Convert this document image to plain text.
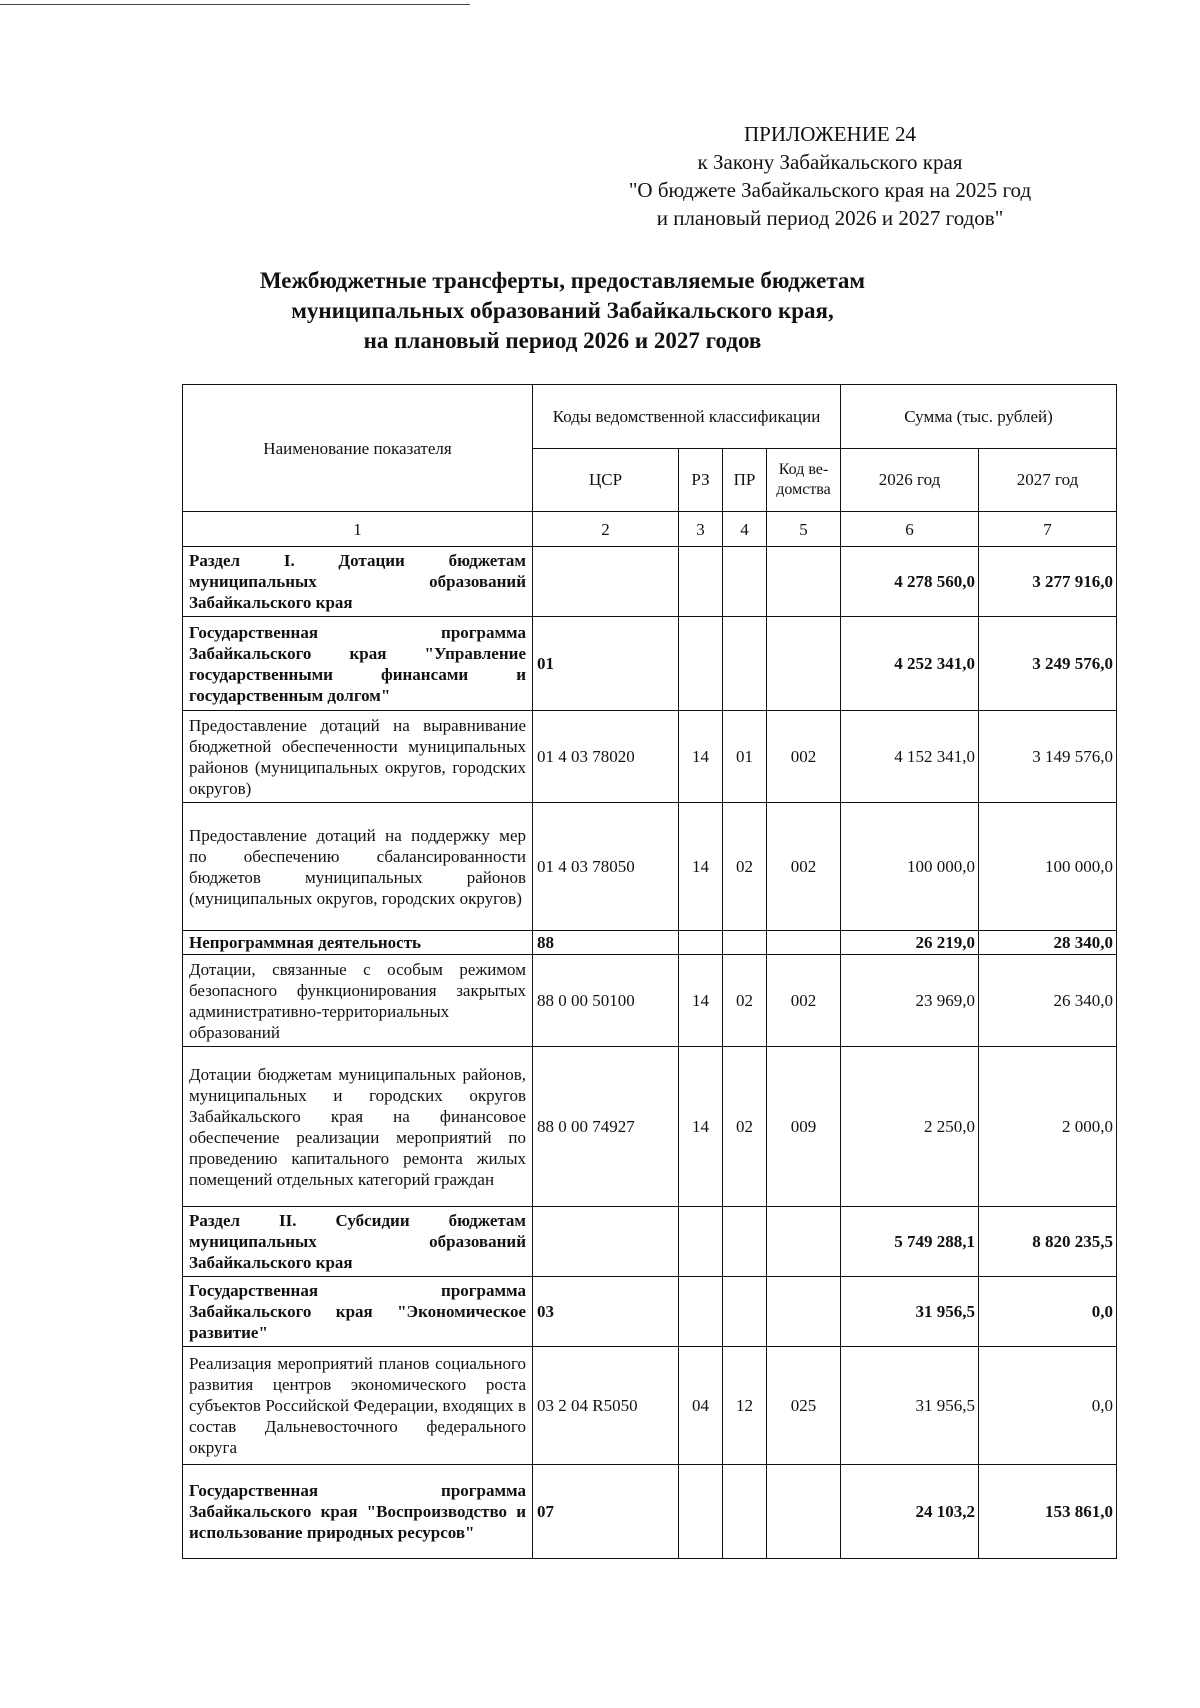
ПРИЛОЖЕНИЕ 24
к Закону Забайкальского края
"О бюджете Забайкальского края на 2025 год
и плановый период 2026 и 2027 годов"
Межбюджетные трансферты, предоставляемые бюджетам
муниципальных образований Забайкальского края,
на плановый период 2026 и 2027 годов
Наименование показателя	Коды ведомственной классификации				Сумма (тыс. рублей)	
	ЦСР	РЗ	ПР	Код ве-домства	2026 год	2027 год
1	2	3	4	5	6	7
Раздел I. Дотации бюджетам муниципальных образований Забайкальского края					4 278 560,0	3 277 916,0
Государственная программа Забайкальского края "Управление государственными финансами и государственным долгом"	01				4 252 341,0	3 249 576,0
Предоставление дотаций на выравнивание бюджетной обеспеченности муниципальных районов (муниципальных округов, городских округов)	01 4 03 78020	14	01	002	4 152 341,0	3 149 576,0
Предоставление дотаций на поддержку мер по обеспечению сбалансированности бюджетов муниципальных районов (муниципальных округов, городских округов)	01 4 03 78050	14	02	002	100 000,0	100 000,0
Непрограммная деятельность	88				26 219,0	28 340,0
Дотации, связанные с особым режимом безопасного функционирования закрытых административно-территориальных образований	88 0 00 50100	14	02	002	23 969,0	26 340,0
Дотации бюджетам муниципальных районов, муниципальных и городских округов Забайкальского края на финансовое обеспечение реализации мероприятий по проведению капитального ремонта жилых помещений отдельных категорий граждан	88 0 00 74927	14	02	009	2 250,0	2 000,0
Раздел II. Субсидии бюджетам муниципальных образований Забайкальского края					5 749 288,1	8 820 235,5
Государственная программа Забайкальского края "Экономическое развитие"	03				31 956,5	0,0
Реализация мероприятий планов социального развития центров экономического роста субъектов Российской Федерации, входящих в состав Дальневосточного федерального округа	03 2 04 R5050	04	12	025	31 956,5	0,0
Государственная программа Забайкальского края "Воспроизводство и использование природных ресурсов"	07				24 103,2	153 861,0
